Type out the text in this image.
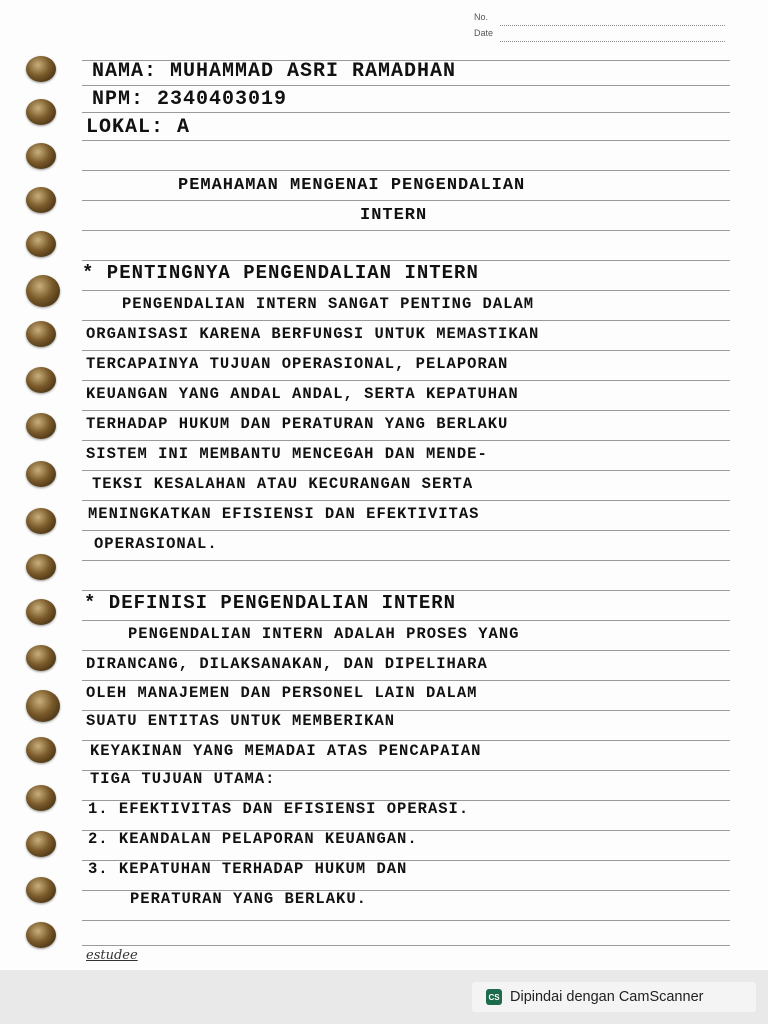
No.
Date
NAMA: MUHAMMAD ASRI RAMADHAN
NPM: 2340403019
LOKAL: A
PEMAHAMAN MENGENAI PENGENDALIAN
INTERN
* PENTINGNYA PENGENDALIAN INTERN
PENGENDALIAN INTERN SANGAT PENTING DALAM
ORGANISASI KARENA BERFUNGSI UNTUK MEMASTIKAN
TERCAPAINYA TUJUAN OPERASIONAL, PELAPORAN
KEUANGAN YANG ANDAL ANDAL, SERTA KEPATUHAN
TERHADAP HUKUM DAN PERATURAN YANG BERLAKU
SISTEM INI MEMBANTU MENCEGAH DAN MENDE-
TEKSI KESALAHAN ATAU KECURANGAN SERTA
MENINGKATKAN EFISIENSI DAN EFEKTIVITAS
OPERASIONAL.
* DEFINISI PENGENDALIAN INTERN
PENGENDALIAN INTERN ADALAH PROSES YANG
DIRANCANG, DILAKSANAKAN, DAN DIPELIHARA
OLEH MANAJEMEN DAN PERSONEL LAIN DALAM
SUATU ENTITAS UNTUK MEMBERIKAN
KEYAKINAN YANG MEMADAI ATAS PENCAPAIAN
TIGA TUJUAN UTAMA:
1. EFEKTIVITAS DAN EFISIENSI OPERASI.
2. KEANDALAN PELAPORAN KEUANGAN.
3. KEPATUHAN TERHADAP HUKUM DAN
PERATURAN YANG BERLAKU.
estudee
CS Dipindai dengan CamScanner
